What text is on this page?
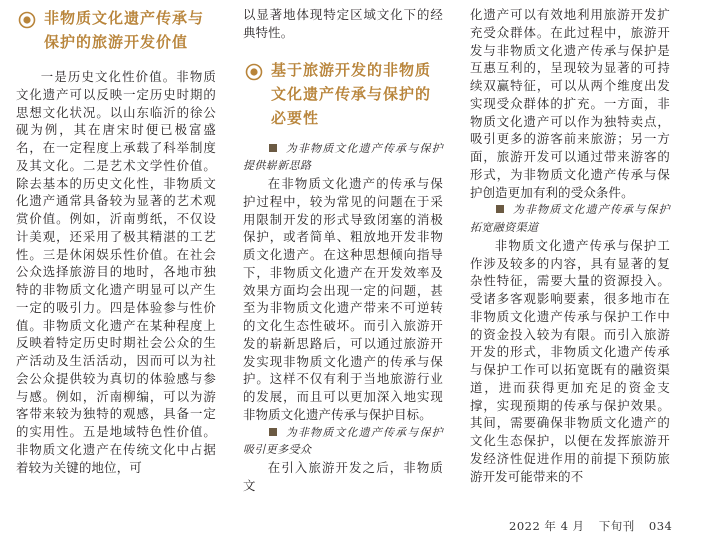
非物质文化遗产传承与保护的旅游开发价值

一是历史文化性价值。非物质文化遗产可以反映一定历史时期的思想文化状况。以山东临沂的徐公砚为例，其在唐宋时便已极富盛名，在一定程度上承载了科举制度及其文化。二是艺术文学性价值。除去基本的历史文化性，非物质文化遗产通常具备较为显著的艺术观赏价值。例如，沂南剪纸，不仅设计美观，还采用了极其精湛的工艺性。三是休闲娱乐性价值。在社会公众选择旅游目的地时，各地市独特的非物质文化遗产明显可以产生一定的吸引力。四是体验参与性价值。非物质文化遗产在某种程度上反映着特定历史时期社会公众的生产活动及生活活动，因而可以为社会公众提供较为真切的体验感与参与感。例如，沂南柳编，可以为游客带来较为独特的观感，具备一定的实用性。五是地域特色性价值。非物质文化遗产在传统文化中占据着较为关键的地位，可

以显著地体现特定区域文化下的经典特性。

基于旅游开发的非物质文化遗产传承与保护的必要性

为非物质文化遗产传承与保护提供崭新思路

在非物质文化遗产的传承与保护过程中，较为常见的问题在于采用限制开发的形式导致闭塞的消极保护，或者简单、粗放地开发非物质文化遗产。在这种思想倾向指导下，非物质文化遗产在开发效率及效果方面均会出现一定的问题，甚至为非物质文化遗产带来不可逆转的文化生态性破坏。而引入旅游开发的崭新思路后，可以通过旅游开发实现非物质文化遗产的传承与保护。这样不仅有利于当地旅游行业的发展，而且可以更加深入地实现非物质文化遗产传承与保护目标。

为非物质文化遗产传承与保护吸引更多受众

在引入旅游开发之后，非物质文

化遗产可以有效地利用旅游开发扩充受众群体。在此过程中，旅游开发与非物质文化遗产传承与保护是互惠互利的，呈现较为显著的可持续双赢特征，可以从两个维度出发实现受众群体的扩充。一方面，非物质文化遗产可以作为独特卖点，吸引更多的游客前来旅游；另一方面，旅游开发可以通过带来游客的形式，为非物质文化遗产传承与保护创造更加有利的受众条件。

为非物质文化遗产传承与保护拓宽融资渠道

非物质文化遗产传承与保护工作涉及较多的内容，具有显著的复杂性特征，需要大量的资源投入。受诸多客观影响要素，很多地市在非物质文化遗产传承与保护工作中的资金投入较为有限。而引入旅游开发的形式，非物质文化遗产传承与保护工作可以拓宽既有的融资渠道，进而获得更加充足的资金支撑，实现预期的传承与保护效果。其间，需要确保非物质文化遗产的文化生态保护，以便在发挥旅游开发经济性促进作用的前提下预防旅游开发可能带来的不

2022 年 4 月 下旬刊 034
